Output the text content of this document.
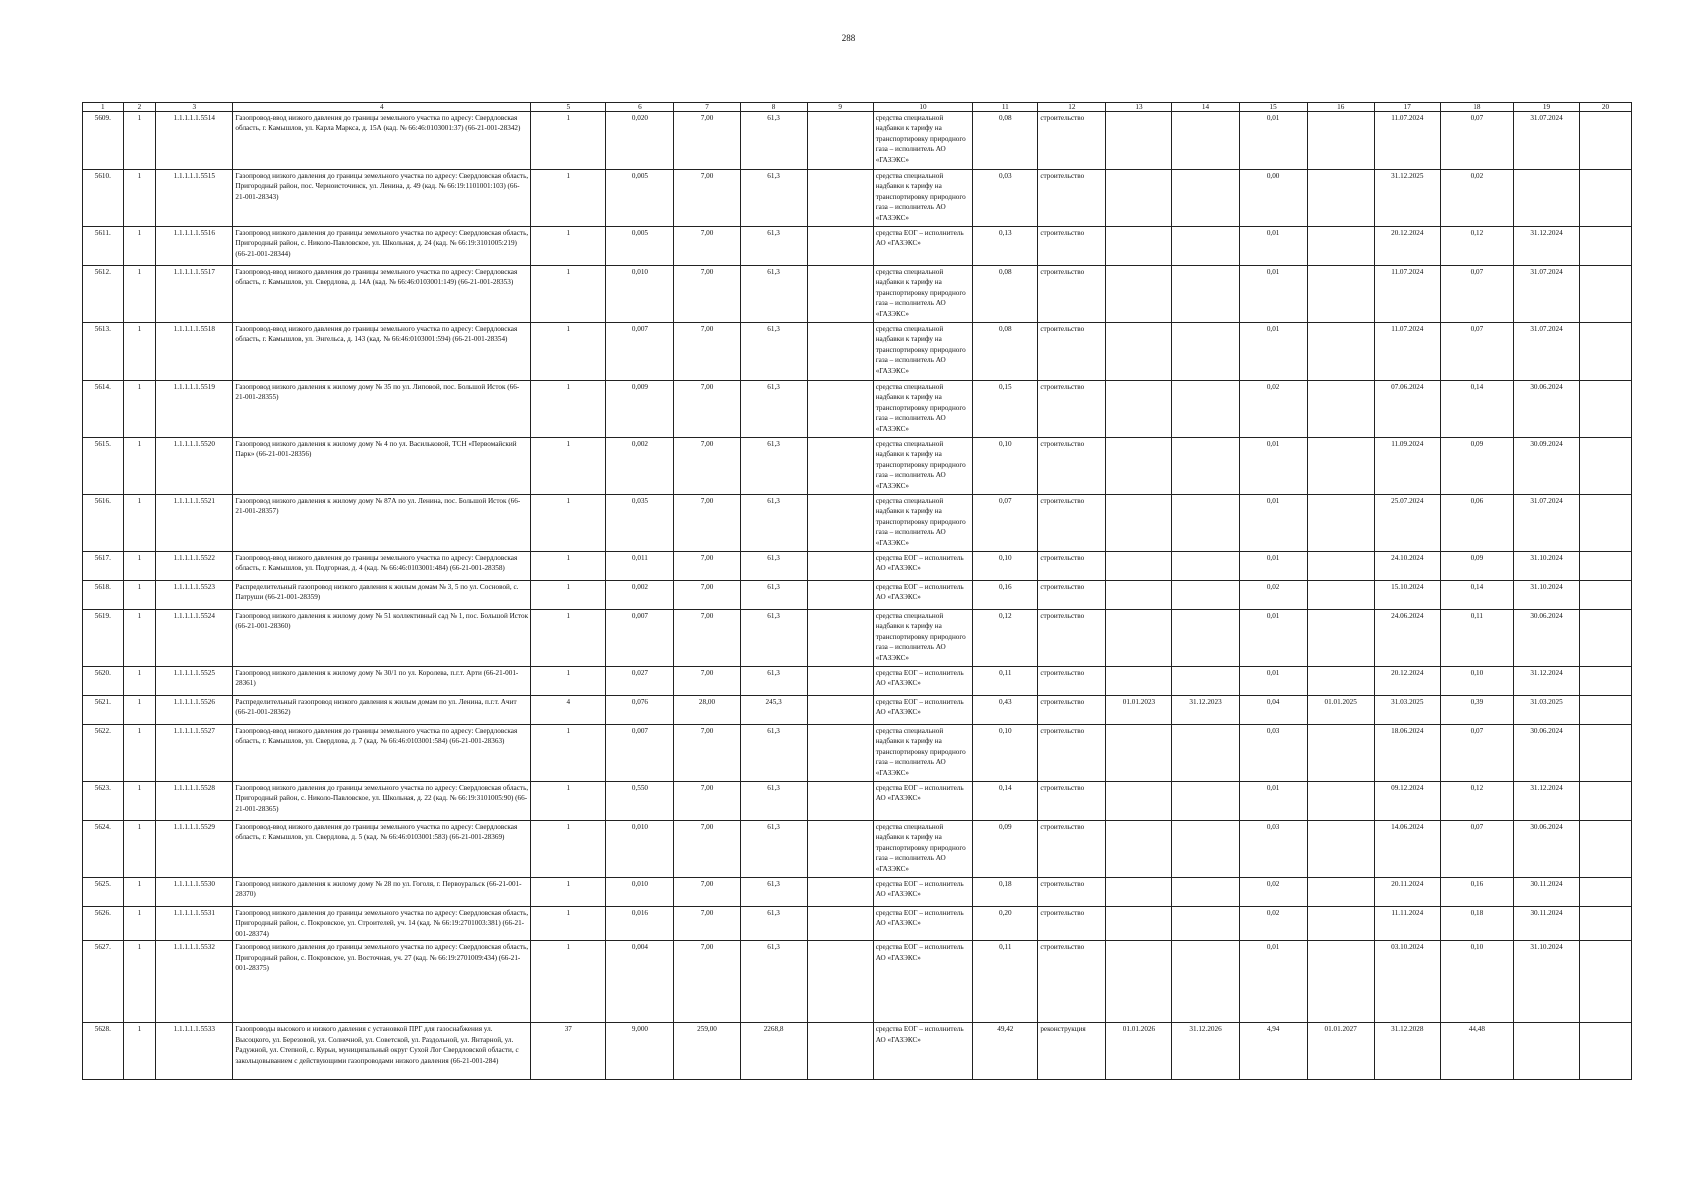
288
1	2	3	4	5	6	7	8	9	10	11	12	13	14	15	16	17	18	19	20
5609.	1	1.1.1.1.1.5514	Газопровод-ввод низкого давления до границы земельного участка по адресу: Свердловская область, г. Камышлов, ул. Карла Маркса, д. 15А (кад. № 66:46:0103001:37) (66-21-001-28342)	1	0,020	7,00	61,3		средства специальной надбавки к тарифу на транспортировку природного газа – исполнитель АО «ГАЗЭКС»	0,08	строительство			0,01		11.07.2024	0,07	31.07.2024	
5610.	1	1.1.1.1.1.5515	Газопровод низкого давления до границы земельного участка по адресу: Свердловская область, Пригородный район, пос. Черноисточинск, ул. Ленина, д. 49 (кад. № 66:19:1101001:103) (66-21-001-28343)	1	0,005	7,00	61,3		средства специальной надбавки к тарифу на транспортировку природного газа – исполнитель АО «ГАЗЭКС»	0,03	строительство			0,00		31.12.2025	0,02		
5611.	1	1.1.1.1.1.5516	Газопровод низкого давления до границы земельного участка по адресу: Свердловская область, Пригородный район, с. Николо-Павловское, ул. Школьная, д. 24 (кад. № 66:19:3101005:219) (66-21-001-28344)	1	0,005	7,00	61,3		средства ЕОГ – исполнитель АО «ГАЗЭКС»	0,13	строительство			0,01		20.12.2024	0,12	31.12.2024	
5612.	1	1.1.1.1.1.5517	Газопровод-ввод низкого давления до границы земельного участка по адресу: Свердловская область, г. Камышлов, ул. Свердлова, д. 14А (кад. № 66:46:0103001:149) (66-21-001-28353)	1	0,010	7,00	61,3		средства специальной надбавки к тарифу на транспортировку природного газа – исполнитель АО «ГАЗЭКС»	0,08	строительство			0,01		11.07.2024	0,07	31.07.2024	
5613.	1	1.1.1.1.1.5518	Газопровод-ввод низкого давления до границы земельного участка по адресу: Свердловская область, г. Камышлов, ул. Энгельса, д. 143 (кад. № 66:46:0103001:594) (66-21-001-28354)	1	0,007	7,00	61,3		средства специальной надбавки к тарифу на транспортировку природного газа – исполнитель АО «ГАЗЭКС»	0,08	строительство			0,01		11.07.2024	0,07	31.07.2024	
5614.	1	1.1.1.1.1.5519	Газопровод низкого давления к жилому дому № 35 по ул. Липовой, пос. Большой Исток (66-21-001-28355)	1	0,009	7,00	61,3		средства специальной надбавки к тарифу на транспортировку природного газа – исполнитель АО «ГАЗЭКС»	0,15	строительство			0,02		07.06.2024	0,14	30.06.2024	
5615.	1	1.1.1.1.1.5520	Газопровод низкого давления к жилому дому № 4 по ул. Васильковой, ТСН «Первомайский Парк» (66-21-001-28356)	1	0,002	7,00	61,3		средства специальной надбавки к тарифу на транспортировку природного газа – исполнитель АО «ГАЗЭКС»	0,10	строительство			0,01		11.09.2024	0,09	30.09.2024	
5616.	1	1.1.1.1.1.5521	Газопровод низкого давления к жилому дому № 87А по ул. Ленина, пос. Большой Исток (66-21-001-28357)	1	0,035	7,00	61,3		средства специальной надбавки к тарифу на транспортировку природного газа – исполнитель АО «ГАЗЭКС»	0,07	строительство			0,01		25.07.2024	0,06	31.07.2024	
5617.	1	1.1.1.1.1.5522	Газопровод-ввод низкого давления до границы земельного участка по адресу: Свердловская область, г. Камышлов, ул. Подгорная, д. 4 (кад. № 66:46:0103001:484) (66-21-001-28358)	1	0,011	7,00	61,3		средства ЕОГ – исполнитель АО «ГАЗЭКС»	0,10	строительство			0,01		24.10.2024	0,09	31.10.2024	
5618.	1	1.1.1.1.1.5523	Распределительный газопровод низкого давления к жилым домам № 3, 5 по ул. Сосновой, с. Патруши (66-21-001-28359)	1	0,002	7,00	61,3		средства ЕОГ – исполнитель АО «ГАЗЭКС»	0,16	строительство			0,02		15.10.2024	0,14	31.10.2024	
5619.	1	1.1.1.1.1.5524	Газопровод низкого давления к жилому дому № 51 коллективный сад № 1, пос. Большой Исток (66-21-001-28360)	1	0,007	7,00	61,3		средства специальной надбавки к тарифу на транспортировку природного газа – исполнитель АО «ГАЗЭКС»	0,12	строительство			0,01		24.06.2024	0,11	30.06.2024	
5620.	1	1.1.1.1.1.5525	Газопровод низкого давления к жилому дому № 30/1 по ул. Королева, п.г.т. Арти (66-21-001-28361)	1	0,027	7,00	61,3		средства ЕОГ – исполнитель АО «ГАЗЭКС»	0,11	строительство			0,01		20.12.2024	0,10	31.12.2024	
5621.	1	1.1.1.1.1.5526	Распределительный газопровод низкого давления к жилым домам по ул. Ленина, п.г.т. Ачит (66-21-001-28362)	4	0,076	28,00	245,3		средства ЕОГ – исполнитель АО «ГАЗЭКС»	0,43	строительство	01.01.2023	31.12.2023	0,04	01.01.2025	31.03.2025	0,39	31.03.2025	
5622.	1	1.1.1.1.1.5527	Газопровод-ввод низкого давления до границы земельного участка по адресу: Свердловская область, г. Камышлов, ул. Свердлова, д. 7 (кад. № 66:46:0103001:584) (66-21-001-28363)	1	0,007	7,00	61,3		средства специальной надбавки к тарифу на транспортировку природного газа – исполнитель АО «ГАЗЭКС»	0,10	строительство			0,03		18.06.2024	0,07	30.06.2024	
5623.	1	1.1.1.1.1.5528	Газопровод низкого давления до границы земельного участка по адресу: Свердловская область, Пригородный район, с. Николо-Павловское, ул. Школьная, д. 22 (кад. № 66:19:3101005:90) (66-21-001-28365)	1	0,550	7,00	61,3		средства ЕОГ – исполнитель АО «ГАЗЭКС»	0,14	строительство			0,01		09.12.2024	0,12	31.12.2024	
5624.	1	1.1.1.1.1.5529	Газопровод-ввод низкого давления до границы земельного участка по адресу: Свердловская область, г. Камышлов, ул. Свердлова, д. 5 (кад. № 66:46:0103001:583) (66-21-001-28369)	1	0,010	7,00	61,3		средства специальной надбавки к тарифу на транспортировку природного газа – исполнитель АО «ГАЗЭКС»	0,09	строительство			0,03		14.06.2024	0,07	30.06.2024	
5625.	1	1.1.1.1.1.5530	Газопровод низкого давления к жилому дому № 28 по ул. Гоголя, г. Первоуральск (66-21-001-28370)	1	0,010	7,00	61,3		средства ЕОГ – исполнитель АО «ГАЗЭКС»	0,18	строительство			0,02		20.11.2024	0,16	30.11.2024	
5626.	1	1.1.1.1.1.5531	Газопровод низкого давления до границы земельного участка по адресу: Свердловская область, Пригородный район, с. Покровское, ул. Строителей, уч. 14 (кад. № 66:19:2701003:381) (66-21-001-28374)	1	0,016	7,00	61,3		средства ЕОГ – исполнитель АО «ГАЗЭКС»	0,20	строительство			0,02		11.11.2024	0,18	30.11.2024	
5627.	1	1.1.1.1.1.5532	Газопровод низкого давления до границы земельного участка по адресу: Свердловская область, Пригородный район, с. Покровское, ул. Восточная, уч. 27 (кад. № 66:19:2701009:434) (66-21-001-28375)	1	0,004	7,00	61,3		средства ЕОГ – исполнитель АО «ГАЗЭКС»	0,11	строительство			0,01		03.10.2024	0,10	31.10.2024	
5628.	1	1.1.1.1.1.5533	Газопроводы высокого и низкого давления с установкой ПРГ для газоснабжения ул. Высоцкого, ул. Березовой, ул. Солнечной, ул. Советской, ул. Раздольной, ул. Янтарной, ул. Радужной, ул. Степной, с. Курьи, муниципальный округ Сухой Лог Свердловской области, с закольцовыванием с действующими газопроводами низкого давления (66-21-001-284)	37	9,000	259,00	2268,8		средства ЕОГ – исполнитель АО «ГАЗЭКС»	49,42	реконструкция	01.01.2026	31.12.2026	4,94	01.01.2027	31.12.2028	44,48		
